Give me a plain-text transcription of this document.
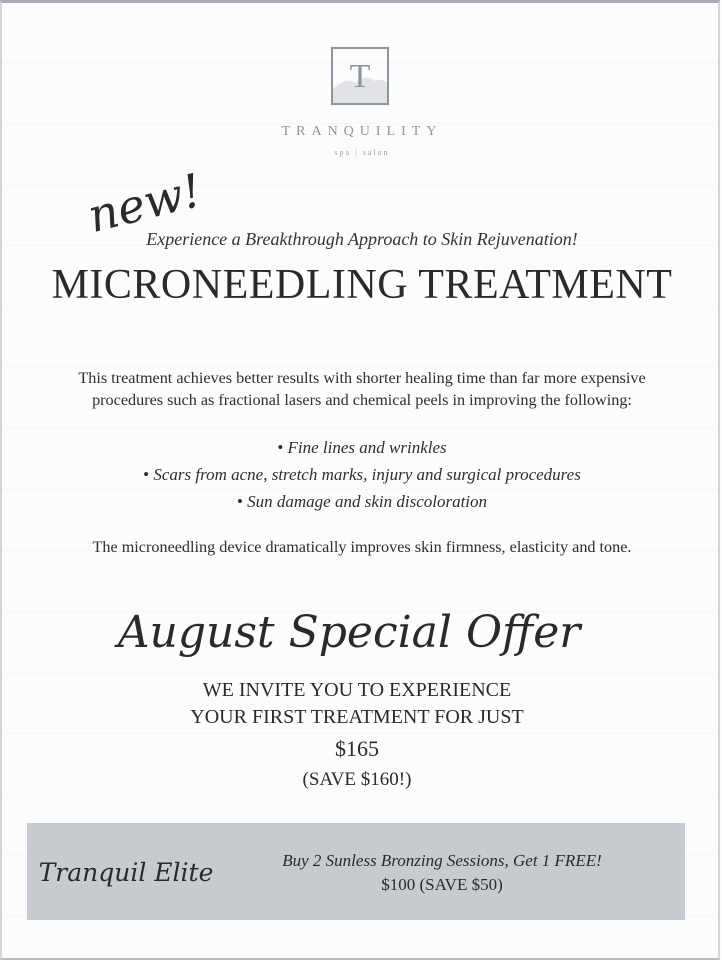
T
TRANQUILITY
spa | salon
new!
Experience a Breakthrough Approach to Skin Rejuvenation!
MICRONEEDLING TREATMENT
This treatment achieves better results with shorter healing time than far more expensive
procedures such as fractional lasers and chemical peels in improving the following:
• Fine lines and wrinkles
• Scars from acne, stretch marks, injury and surgical procedures
• Sun damage and skin discoloration
The microneedling device dramatically improves skin firmness, elasticity and tone.
August Special Offer
WE INVITE YOU TO EXPERIENCE
YOUR FIRST TREATMENT FOR JUST
$165
(SAVE $160!)
Tranquil Elite	Buy 2 Sunless Bronzing Sessions, Get 1 FREE!
$100 (SAVE $50)
